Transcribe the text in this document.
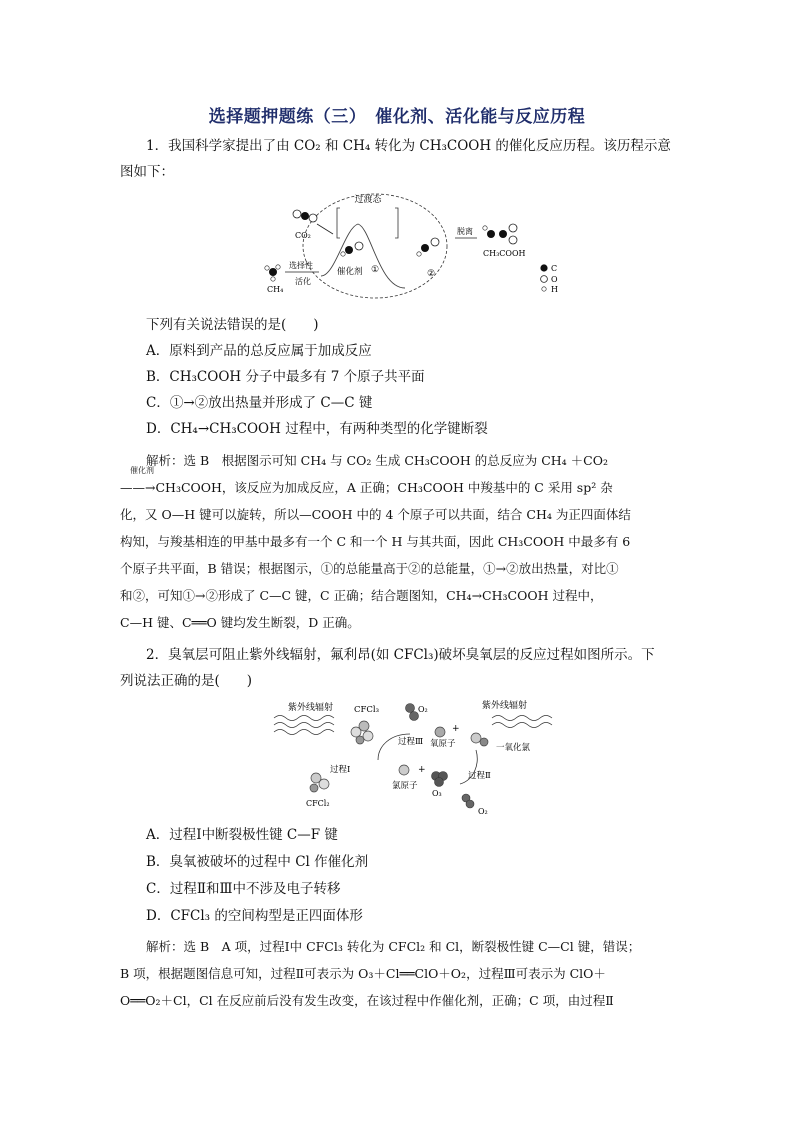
选择题押题练（三）　催化剂、活化能与反应历程
1．我国科学家提出了由 CO₂ 和 CH₄ 转化为 CH₃COOH 的催化反应历程。该历程示意
图如下：
过渡态
CO₂
CH₄
选择性
活化
催化剂 ①	②
脱离
CH₃COOH
C
O
H
下列有关说法错误的是(　　)
A．原料到产品的总反应属于加成反应
B．CH₃COOH 分子中最多有 7 个原子共平面
C．①→②放出热量并形成了 C—C 键
D．CH₄→CH₃COOH 过程中，有两种类型的化学键断裂
解析：选 B　根据图示可知 CH₄ 与 CO₂ 生成 CH₃COOH 的总反应为 CH₄ ＋CO₂
催化剂
——→CH₃COOH，该反应为加成反应，A 正确；CH₃COOH 中羧基中的 C 采用 sp² 杂
化，又 O—H 键可以旋转，所以—COOH 中的 4 个原子可以共面，结合 CH₄ 为正四面体结
构知，与羧基相连的甲基中最多有一个 C 和一个 H 与其共面，因此 CH₃COOH 中最多有 6
个原子共平面，B 错误；根据图示，①的总能量高于②的总能量，①→②放出热量，对比①
和②，可知①→②形成了 C—C 键，C 正确；结合题图知，CH₄→CH₃COOH 过程中，
C—H 键、C══O 键均发生断裂，D 正确。
2．臭氧层可阻止紫外线辐射，氟利昂(如 CFCl₃)破坏臭氧层的反应过程如图所示。下
列说法正确的是(　　)
紫外线辐射 CFCl₃	O₂
+
氧原子
过程Ⅲ
紫外线辐射
一氧化氯
过程Ⅰ
CFCl₂
+
氯原子
O₃
过程Ⅱ
O₂
A．过程Ⅰ中断裂极性键 C—F 键
B．臭氧被破坏的过程中 Cl 作催化剂
C．过程Ⅱ和Ⅲ中不涉及电子转移
D．CFCl₃ 的空间构型是正四面体形
解析：选 B　A 项，过程Ⅰ中 CFCl₃ 转化为 CFCl₂ 和 Cl，断裂极性键 C—Cl 键，错误；
B 项，根据题图信息可知，过程Ⅱ可表示为 O₃＋Cl══ClO＋O₂，过程Ⅲ可表示为 ClO＋
O══O₂＋Cl，Cl 在反应前后没有发生改变，在该过程中作催化剂，正确；C 项，由过程Ⅱ
